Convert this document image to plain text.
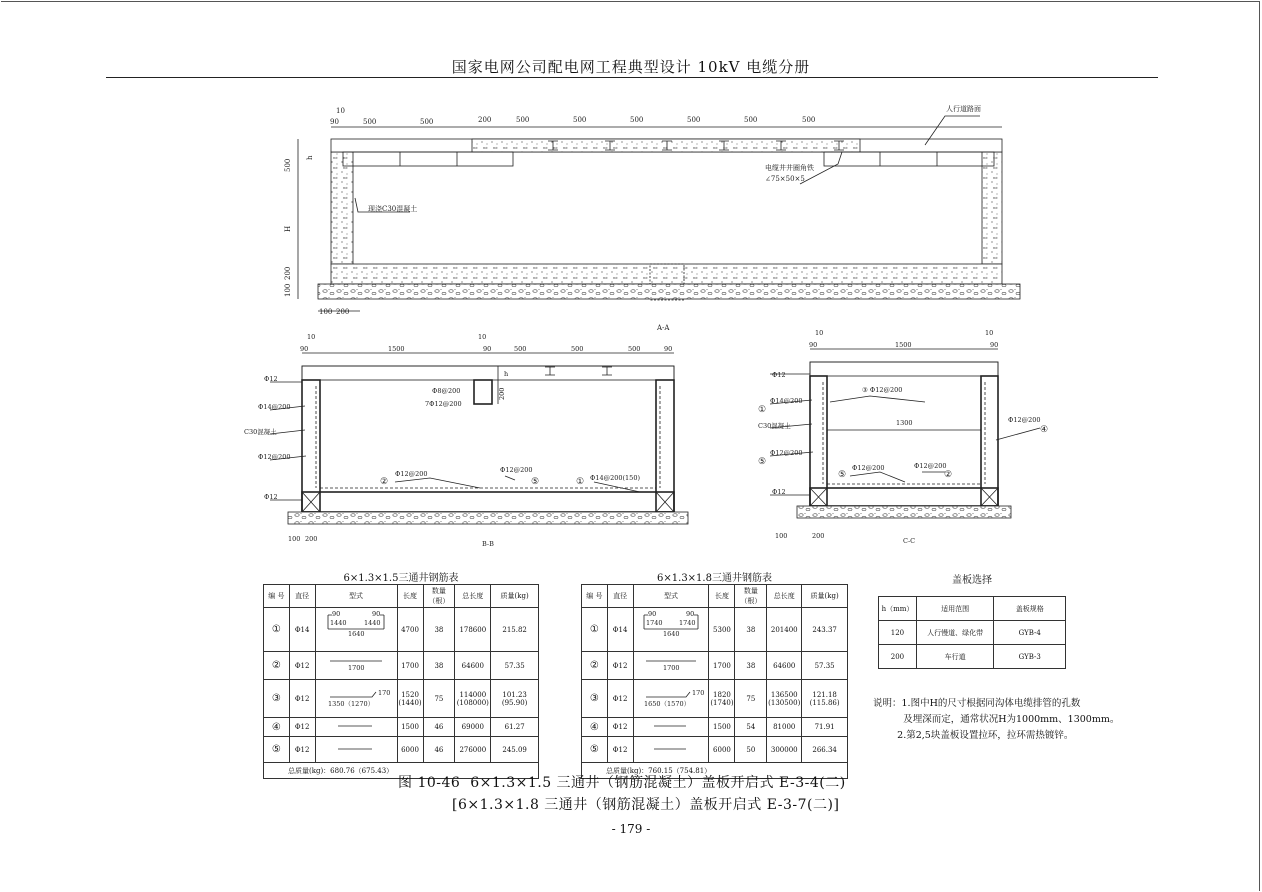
国家电网公司配电网工程典型设计 10kV 电缆分册
10
90	500	500	200	500	500	500	500	500	500
500
h
H
200
100
100 200
人行道路面
电缆井井圈角铁
∠75×50×5
现浇C30混凝土
A-A
10
90	1500
10
90	500	500	500	90
h
200
100 200
Φ12
Φ14@200
C30混凝土
Φ12@200
Φ12
Φ8@200
7Φ12@200
Φ12@200	Φ12@200
Φ14@200(150)
②	⑤	①
B-B
10
90	1500
10
90
1300
100	200
Φ12
Φ14@200
C30混凝土
Φ12@200
Φ12
③ Φ12@200
Φ12@200
Φ12@200	Φ12@200
①
⑤
⑤	②
④
C-C
6×1.3×1.5三通井钢筋表
编 号	直径	型式	长度	数量（根）	总长度	质量(kg)
①	Φ14	90 90
1440 1440
1640	4700	38	178600	215.82
②	Φ12	1700	1700	38	64600	57.35
③	Φ12	170
1350（1270）	1520
(1440)	75	114000
(108000)	101.23
(95.90)
④	Φ12		1500	46	69000	61.27
⑤	Φ12		6000	46	276000	245.09
总质量(kg)：680.76（675.43）						
6×1.3×1.8三通井钢筋表
编 号	直径	型式	长度	数量（根）	总长度	质量(kg)
①	Φ14	90 90
1740 1740
1640	5300	38	201400	243.37
②	Φ12	1700	1700	38	64600	57.35
③	Φ12	170
1650（1570）	1820
(1740)	75	136500
(130500)	121.18
(115.86)
④	Φ12		1500	54	81000	71.91
⑤	Φ12		6000	50	300000	266.34
总质量(kg)：760.15（754.81）						
盖板选择
h（mm）	适用范围	盖板规格
120	人行慢道、绿化带	GYB-4
200	车行道	GYB-3
说明：1.图中H的尺寸根据同沟体电缆排管的孔数
及埋深而定，通常状况H为1000mm、1300mm。
2.第2,5块盖板设置拉环，拉环需热镀锌。
图 10-46  6×1.3×1.5 三通井（钢筋混凝土）盖板开启式 E-3-4(二)
[6×1.3×1.8 三通井（钢筋混凝土）盖板开启式 E-3-7(二)]
- 179 -
